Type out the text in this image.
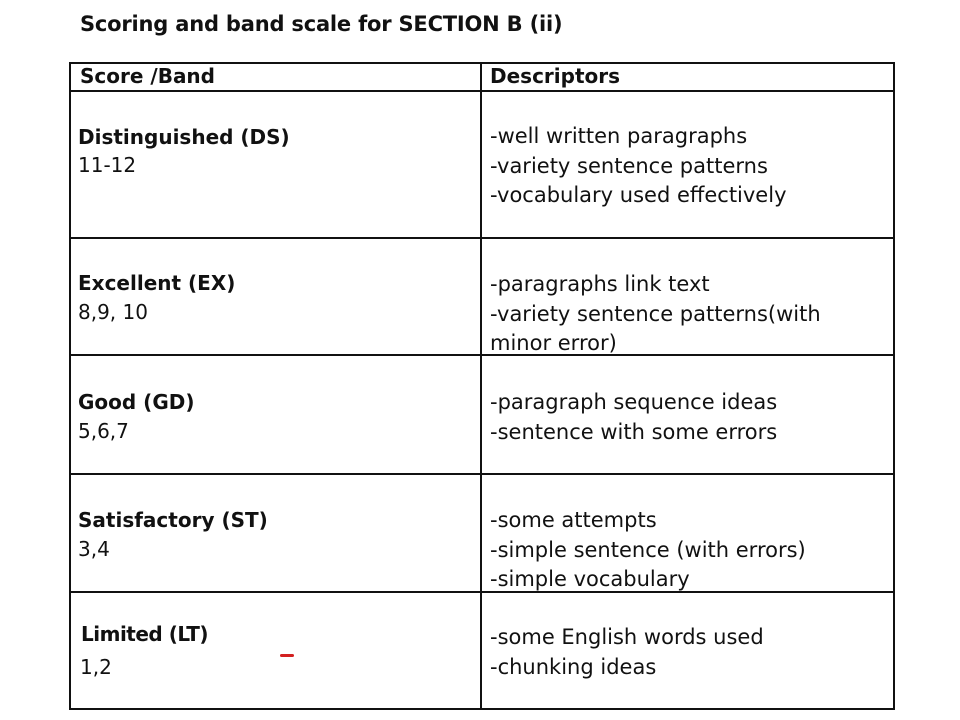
Scoring and band scale for SECTION B (ii)
Score /Band	Descriptors
Distinguished (DS)
11-12
-well written paragraphs
-variety sentence patterns
-vocabulary used effectively
Excellent (EX)
8,9, 10
-paragraphs link text
-variety sentence patterns(with
minor error)
Good (GD)
5,6,7
-paragraph sequence ideas
-sentence with some errors
Satisfactory (ST)
3,4
-some attempts
-simple sentence (with errors)
-simple vocabulary
Limited (LT)
1,2
-some English words used
-chunking ideas
